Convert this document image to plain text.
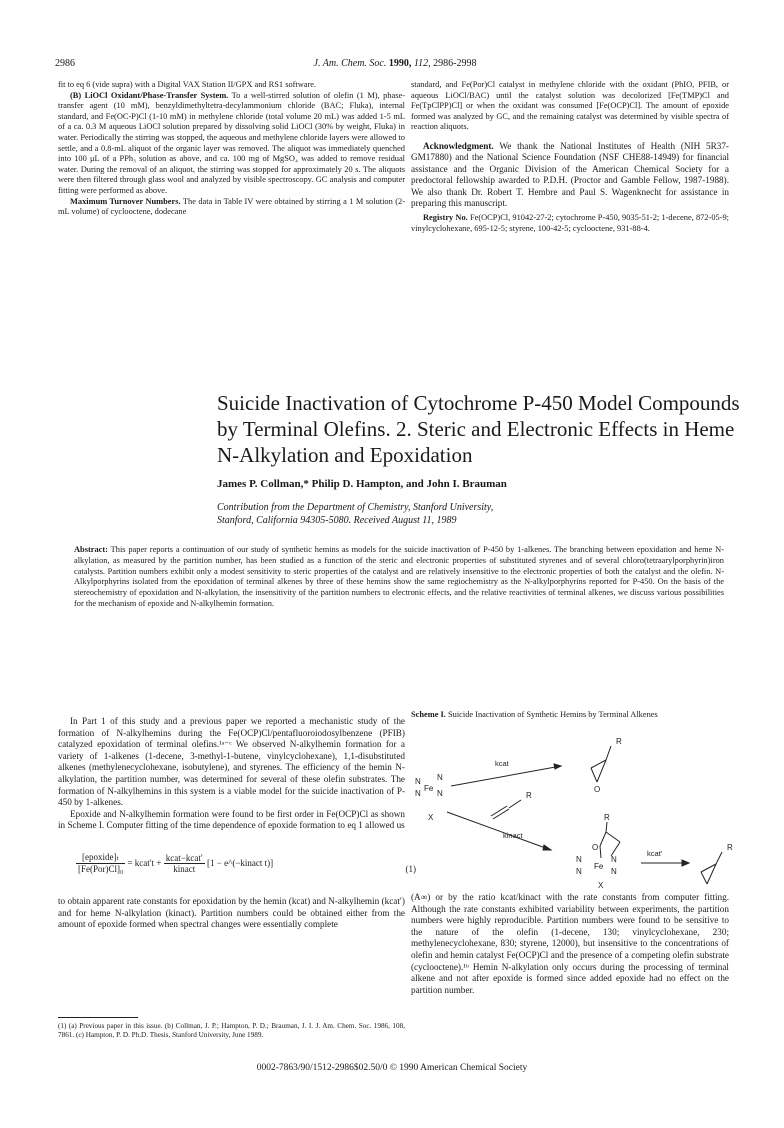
2986	J. Am. Chem. Soc. 1990, 112, 2986-2998

fit to eq 6 (vide supra) with a Digital VAX Station II/GPX and RS1 software.

(B) LiOCl Oxidant/Phase-Transfer System. To a well-stirred solution of olefin (1 M), phase-transfer agent (10 mM), benzyldimethyltetra-decylammonium chloride (BAC; Fluka), internal standard, and Fe(OC-P)Cl (1-10 mM) in methylene chloride (total volume 20 mL) was added 1-5 mL of a ca. 0.3 M aqueous LiOCl solution prepared by dissolving solid LiOCl (30% by weight, Fluka) in water. Periodically the stirring was stopped, the aqueous and methylene chloride layers were allowed to settle, and a 0.8-mL aliquot of the organic layer was removed. The aliquot was immediately quenched into 100 μL of a PPh₃ solution as above, and ca. 100 mg of MgSO₄ was added to remove residual water. During the removal of an aliquot, the stirring was stopped for approximately 20 s. The aliquots were then filtered through glass wool and analyzed by visible spectroscopy. GC analysis and computer fitting were performed as above.

Maximum Turnover Numbers. The data in Table IV were obtained by stirring a 1 M solution (2-mL volume) of cyclooctene, dodecane

standard, and Fe(Por)Cl catalyst in methylene chloride with the oxidant (PhIO, PFIB, or aqueous LiOCl/BAC) until the catalyst solution was decolorized [Fe(TMP)Cl and Fe(TpClPP)Cl] or when the oxidant was consumed [Fe(OCP)Cl]. The amount of epoxide formed was analyzed by GC, and the remaining catalyst was determined by visible spectra of reaction aliquots.

Acknowledgment. We thank the National Institutes of Health (NIH 5R37-GM17880) and the National Science Foundation (NSF CHE88-14949) for financial assistance and the Organic Division of the American Chemical Society for a predoctoral fellowship awarded to P.D.H. (Proctor and Gamble Fellow, 1987-1988). We also thank Dr. Robert T. Hembre and Paul S. Wagenknecht for assistance in preparing this manuscript.

Registry No. Fe(OCP)Cl, 91042-27-2; cytochrome P-450, 9035-51-2; 1-decene, 872-05-9; vinylcyclohexane, 695-12-5; styrene, 100-42-5; cyclooctene, 931-88-4.

Suicide Inactivation of Cytochrome P-450 Model Compounds by Terminal Olefins. 2. Steric and Electronic Effects in Heme N-Alkylation and Epoxidation
James P. Collman,* Philip D. Hampton, and John I. Brauman
Contribution from the Department of Chemistry, Stanford University,
Stanford, California 94305-5080. Received August 11, 1989
Abstract: This paper reports a continuation of our study of synthetic hemins as models for the suicide inactivation of P-450 by 1-alkenes. The branching between epoxidation and heme N-alkylation, as measured by the partition number, has been studied as a function of the steric and electronic properties of substituted styrenes and of several chloro(tetraarylporphyrin)iron catalysts. Partition numbers exhibit only a modest sensitivity to steric properties of the catalyst and are relatively insensitive to the electronic properties of both the catalyst and the olefin. N-Alkylporphyrins isolated from the epoxidation of terminal alkenes by three of these hemins show the same regiochemistry as the N-alkylporphyrins reported for P-450. On the basis of the stereochemistry of epoxidation and N-alkylation, the insensitivity of the partition numbers to electronic effects, and the relative reactivities of terminal alkenes, we discuss various possibilities for the mechanism of epoxide and N-alkylhemin formation.

In Part 1 of this study and a previous paper we reported a mechanistic study of the formation of N-alkylhemins during the Fe(OCP)Cl/pentafluoroiodosylbenzene (PFIB) catalyzed epoxidation of terminal olefins.¹ᵃ⁻ᶜ We observed N-alkylhemin formation for a variety of 1-alkenes (1-decene, 3-methyl-1-butene, vinylcyclohexane), 1,1-disubstituted alkenes (methylenecyclohexane, isobutylene), and styrenes. The efficiency of the hemin N-alkylation, the partition number, was determined for several of these olefin substrates. The formation of N-alkylhemins in this system is a viable model for the suicide inactivation of P-450 by 1-alkenes.

Epoxide and N-alkylhemin formation were found to be first order in Fe(OCP)Cl as shown in Scheme I. Computer fitting of the time dependence of epoxide formation to eq 1 allowed us

$\frac{\text{[epoxide]ₜ}}{\text{[Fe(Por)Cl]₀}}$ = kcat′t + $\frac{\text{kcat−kcat′}}{\text{kinact}} [1$ − e^(−kinact t)]
(1)

to obtain apparent rate constants for epoxidation by the hemin (kcat) and N-alkylhemin (kcat′) and for heme N-alkylation (kinact). Partition numbers could be obtained either from the amount of epoxide formed when spectral changes were essentially complete

(1) (a) Previous paper in this issue. (b) Collman, J. P.; Hampton, P. D.; Brauman, J. I. J. Am. Chem. Soc. 1986, 108, 7861. (c) Hampton, P. D. Ph.D. Thesis, Stanford University, June 1989.
Scheme I. Suicide Inactivation of Synthetic Hemins by Terminal Alkenes
N N
N N
Fe
X
kcat
kinact
R
O
R
R
O
N	N
N	N
Fe
X
kcat′
R

(A∞) or by the ratio kcat/kinact with the rate constants from computer fitting. Although the rate constants exhibited variability between experiments, the partition numbers were highly reproducible. Partition numbers were found to be sensitive to the nature of the olefin (1-decene, 130; vinylcyclohexane, 230; methylenecyclohexane, 830; styrene, 12000), but insensitive to the concentrations of olefin and hemin catalyst Fe(OCP)Cl and the presence of a competing olefin substrate (cyclooctene).¹ᵇ Hemin N-alkylation only occurs during the processing of terminal alkene and not after epoxide is formed since added epoxide had no effect on the partition number.

0002-7863/90/1512-2986$02.50/0 © 1990 American Chemical Society
